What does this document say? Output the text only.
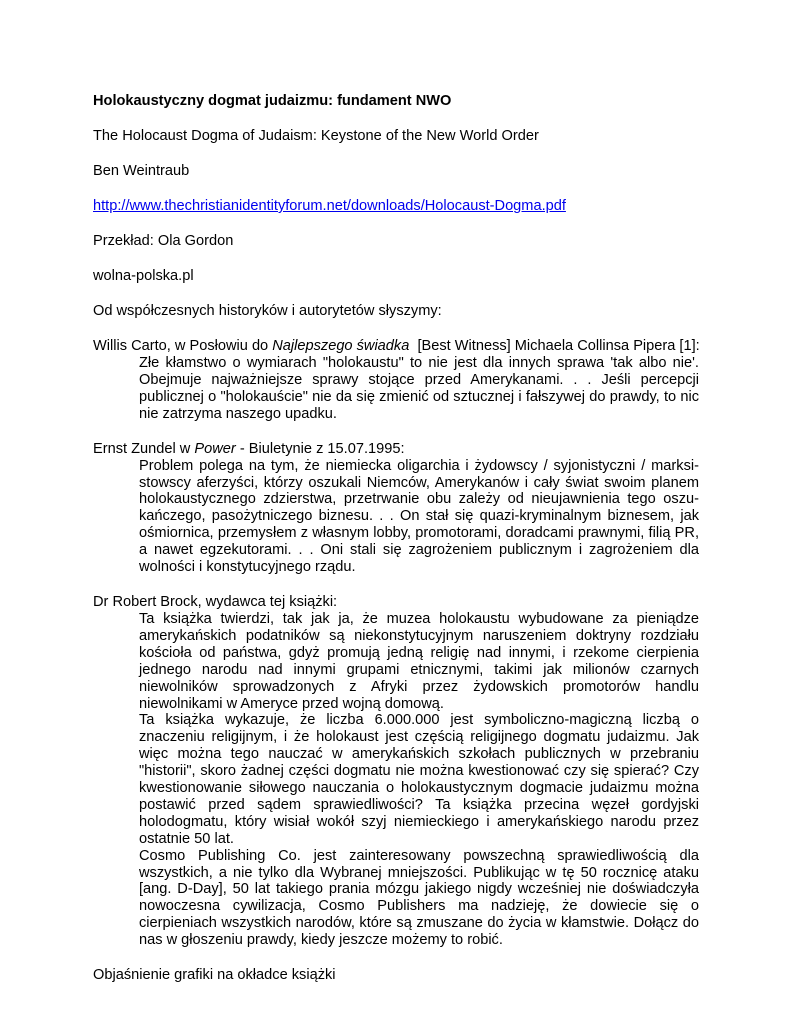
Holokaustyczny dogmat judaizmu: fundament NWO

The Holocaust Dogma of Judaism: Keystone of the New World Order

Ben Weintraub

http://www.thechristianidentityforum.net/downloads/Holocaust-Dogma.pdf

Przekład: Ola Gordon

wolna-polska.pl

Od współczesnych historyków i autorytetów słyszymy:

Willis Carto, w Posłowiu do Najlepszego świadka  [Best Witness] Michaela Collinsa Pipera [1]:

Złe kłamstwo o wymiarach "holokaustu" to nie jest dla innych sprawa 'tak albo nie'. Obejmuje najważniejsze sprawy stojące przed Amerykanami. . . Jeśli percepcji publicznej o "holokauście" nie da się zmienić od sztucznej i fałszywej do prawdy, to nic nie zatrzyma naszego upadku.

Ernst Zundel w Power - Biuletynie z 15.07.1995:

Problem polega na tym, że niemiecka oligarchia i żydowscy / syjonistyczni / marksistowscy aferzyści, którzy oszukali Niemców, Amerykanów i cały świat swoim planem holokaustycznego zdzierstwa, przetrwanie obu zależy od nieujawnienia tego oszukańczego, pasożytniczego biznesu. . . On stał się quazi-kryminalnym biznesem, jak ośmiornica, przemysłem z własnym lobby, promotorami, doradcami prawnymi, filią PR, a nawet egzekutorami. . . Oni stali się zagrożeniem publicznym i zagrożeniem dla wolności i konstytucyjnego rządu.

Dr Robert Brock, wydawca tej książki:

Ta książka twierdzi, tak jak ja, że muzea holokaustu wybudowane za pieniądze amerykańskich podatników są niekonstytucyjnym naruszeniem doktryny rozdziału kościoła od państwa, gdyż promują jedną religię nad innymi, i rzekome cierpienia jednego narodu nad innymi grupami etnicznymi, takimi jak milionów czarnych niewolników sprowadzonych z Afryki przez żydowskich promotorów handlu niewolnikami w Ameryce przed wojną domową.

Ta książka wykazuje, że liczba 6.000.000 jest symboliczno-magiczną liczbą o znaczeniu religijnym, i że holokaust jest częścią religijnego dogmatu judaizmu. Jak więc można tego nauczać w amerykańskich szkołach publicznych w przebraniu "historii", skoro żadnej części dogmatu nie można kwestionować czy się spierać? Czy kwestionowanie siłowego nauczania o holokaustycznym dogmacie judaizmu można postawić przed sądem sprawiedliwości? Ta książka przecina węzeł gordyjski holodogmatu, który wisiał wokół szyj niemieckiego i amerykańskiego narodu przez ostatnie 50 lat.

Cosmo Publishing Co. jest zainteresowany powszechną sprawiedliwością dla wszystkich, a nie tylko dla Wybranej mniejszości. Publikując w tę 50 rocznicę ataku [ang. D-Day], 50 lat takiego prania mózgu jakiego nigdy wcześniej nie doświadczyła nowoczesna cywilizacja, Cosmo Publishers ma nadzieję, że dowiecie się o cierpieniach wszystkich narodów, które są zmuszane do życia w kłamstwie. Dołącz do nas w głoszeniu prawdy, kiedy jeszcze możemy to robić.

Objaśnienie grafiki na okładce książki
